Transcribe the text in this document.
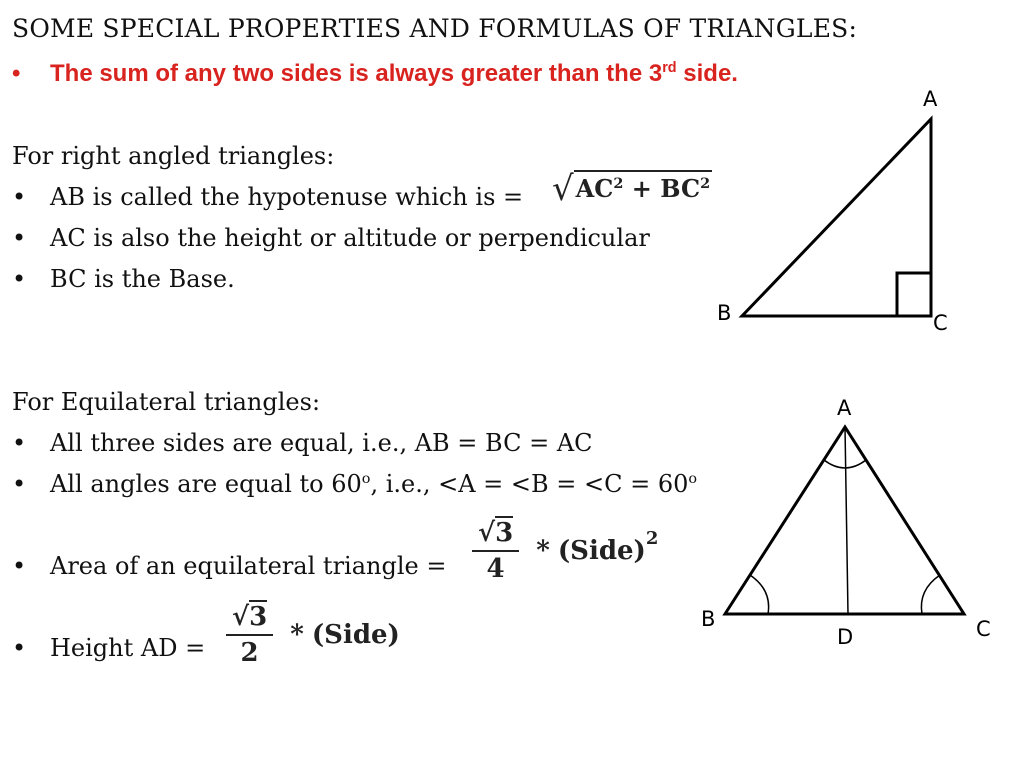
SOME SPECIAL PROPERTIES AND FORMULAS OF TRIANGLES:
• The sum of any two sides is always greater than the 3rd side.
For right angled triangles:
• AB is called the hypotenuse which is = √ $AC^2 + BC^2$
• AC is also the height or altitude or perpendicular
• BC is the Base.
A
B	C
For Equilateral triangles:
• All three sides are equal, i.e., AB = BC = AC
• All angles are equal to 60$^o$, i.e., $<A = <B = <C = 60^o$
• Area of an equilateral triangle = $\frac{√3}{4}$ * (Side)$^2$
• Height AD = $\frac{√3}{2}$ * (Side)
A
B	C
D
